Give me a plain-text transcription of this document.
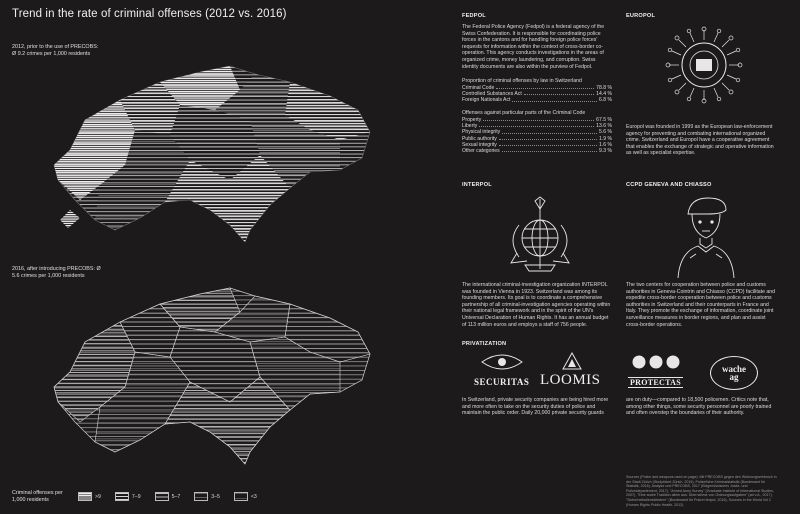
Trend in the rate of criminal offenses (2012 vs. 2016)
2012, prior to the use of PRECOBS: Ø 9.2 crimes per 1,000 residents
2016, after introducing PRECOBS: Ø 5.6 crimes per 1,000 residents
Criminal offenses per 1,000 residents	>9	7–9	5–7	3–5	<3
FEDPOL
The Federal Police Agency (Fedpol) is a federal agency of the Swiss Confederation. It is responsible for coordinating police forces in the cantons and for handling foreign police forces' requests for information within the context of cross-border co-operation. This agency conducts investigations in the areas of organized crime, money laundering, and corruption. Swiss identity documents are also within the purview of Fedpol.
Proportion of criminal offenses by law in Switzerland
Criminal Code	78.8 %
Controlled Substances Act	14.4 %
Foreign Nationals Act	6.8 %
Offenses against particular parts of the Criminal Code
Property	67.5 %
Liberty	13.6 %
Physical integrity	5.6 %
Public authority	1.9 %
Sexual integrity	1.6 %
Other categories	9.3 %
EUROPOL
Europol was founded in 1999 as the European law-enforcement agency for preventing and combating international organized crime. Switzerland and Europol have a cooperative agreement that enables the exchange of strategic and operative information as well as specialist expertise.
INTERPOL
The international criminal-investigation organization INTERPOL was founded in Vienna in 1923. Switzerland was among its founding members. Its goal is to coordinate a comprehensive partnership of all criminal-investigation agencies operating within their national legal framework and in the spirit of the UN's Universal Declaration of Human Rights. It has an annual budget of 113 million euros and employs a staff of 756 people.
CCPD GENEVA AND CHIASSO
The two centers for cooperation between police and customs authorities in Geneva-Cointrin and Chiasso (CCPD) facilitate and expedite cross-border cooperation between police and customs authorities in Switzerland and their counterparts in France and Italy. They promote the exchange of information, coordinate joint surveillance measures in border regions, and plan and assist cross-border operations.
PRIVATIZATION
SECURITAS LOOMIS	PROTECTAS
wache ag
In Switzerland, private security companies are being hired more and more often to take on the security duties of police and maintain the public order. Daily 20,000 private security guards
are on duty—compared to 18,500 policemen. Critics note that, among other things, some security personnel are poorly trained and often overstep the boundaries of their authority.
Sources (Police and weapons used on page): Mit PRECOBS gegen den Wohnungseinbruch in der Stadt Zürich (Studyticket Zürich, 2015), Polizeiliche Kriminalstatistik (Bundesamt für Statistik, 2016), Analyse und PRECOBS, 2017 (Eidgenössisches Justiz- und Polizeidepartement, 2017), "Armed Army Survey" (Graduate Institute of International Studies, 2007), "Eine andre Tradition allein aus: Übernahme von Ordnungsaufgaben" (ad v.A., 2017), "Sicherheitsdienstleistern" (Bundesamt für Polizei fedpol, 2016), Sources in the World Vol 2 (Human Rights Public Health, 2012)
